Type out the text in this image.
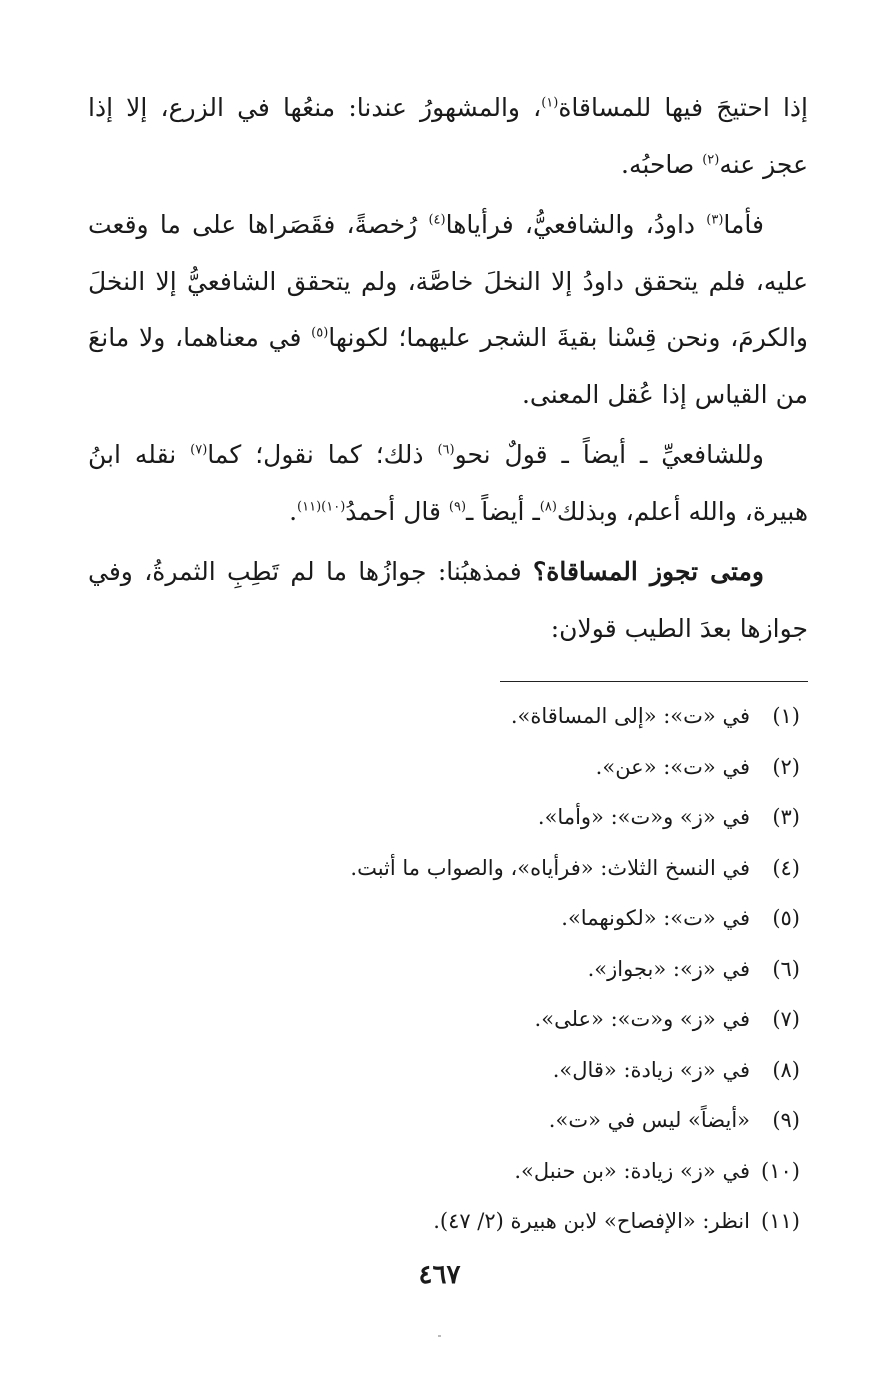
إذا احتيجَ فيها للمساقاة$^{(١)}$، والمشهورُ عندنا: منعُها في الزرع، إلا إذا عجز عنه$^{(٢)}$ صاحبُه.

فأما$^{(٣)}$ داودُ، والشافعيُّ، فرأياها$^{(٤)}$ رُخصةً، فقَصَراها على ما وقعت عليه، فلم يتحقق داودُ إلا النخلَ خاصَّة، ولم يتحقق الشافعيُّ إلا النخلَ والكرمَ، ونحن قِسْنا بقيةَ الشجر عليهما؛ لكونها$^{(٥)}$ في معناهما، ولا مانعَ من القياس إذا عُقل المعنى.

وللشافعيِّ ـ أيضاً ـ قولٌ نحو$^{(٦)}$ ذلك؛ كما نقول؛ كما$^{(٧)}$ نقله ابنُ هبيرة، والله أعلم، وبذلك$^{(٨)}$ـ أيضاً ـ$^{(٩)}$ قال أحمدُ$^{(١٠)(١١)}$.

ومتى تجوز المساقاة؟ فمذهبُنا: جوازُها ما لم تَطِبِ الثمرةُ، وفي جوازها بعدَ الطيب قولان:

(١)في «ت»: «إلى المساقاة».
(٢)في «ت»: «عن».
(٣)في «ز» و«ت»: «وأما».
(٤)في النسخ الثلاث: «فرأياه»، والصواب ما أثبت.
(٥)في «ت»: «لكونهما».
(٦)في «ز»: «بجواز».
(٧)في «ز» و«ت»: «على».
(٨)في «ز» زيادة: «قال».
(٩)«أيضاً» ليس في «ت».
(١٠)في «ز» زيادة: «بن حنبل».
(١١)انظر: «الإفصاح» لابن هبيرة (٢/ ٤٧).
٤٦٧
